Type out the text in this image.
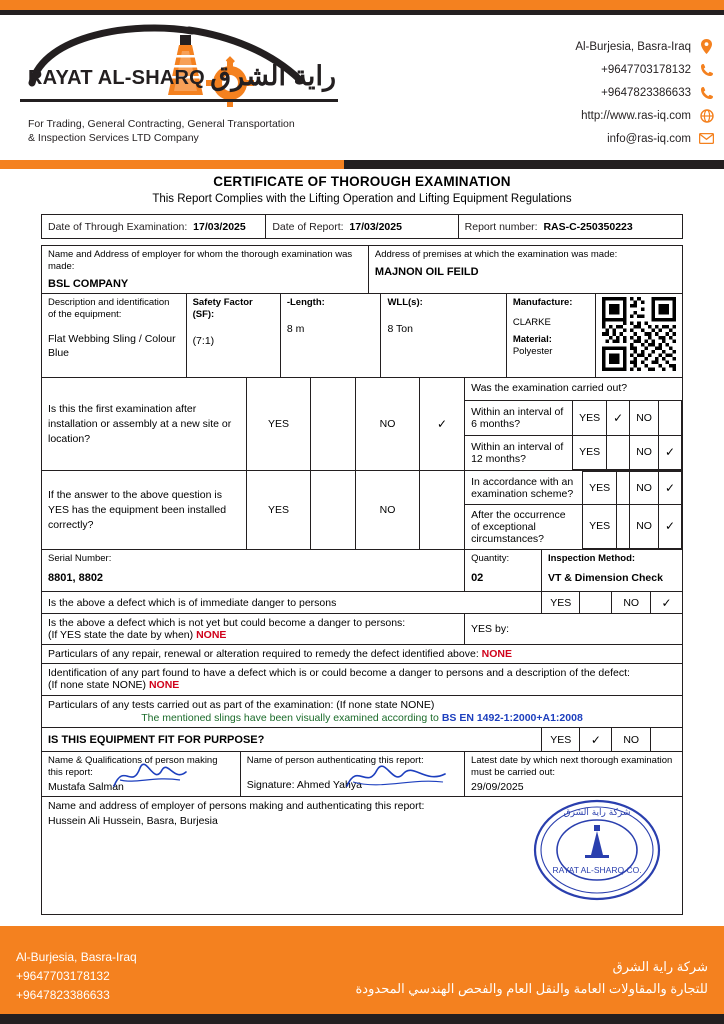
RAYAT AL-SHARQ راية الشرق
For Trading, General Contracting, General Transportation
& Inspection Services LTD Company
Al-Burjesia, Basra-Iraq
+9647703178132
+9647823386633
http://www.ras-iq.com
info@ras-iq.com
CERTIFICATE OF THOROUGH EXAMINATION
This Report Complies with the Lifting Operation and Lifting Equipment Regulations
Date of Through Examination: 17/03/2025	Date of Report: 17/03/2025	Report number: RAS-C-250350223
Name and Address of employer for whom the thorough examination was made:
BSL COMPANY

Address of premises at which the examination was made:
MAJNON OIL FEILD
Description and identification of the equipment:
Flat Webbing Sling / Colour Blue

Safety Factor (SF):
(7:1)

-Length:
8 m

WLL(s):
8 Ton

Manufacture:
CLARKE
Material:
Polyester

Is this the first examination after installation or assembly at a new site or location?
	YES		NO	✓	
Was the examination carried out?
Within an interval of 6 months?	YES	✓	NO	
Within an interval of 12 months?	YES		NO	✓

If the answer to the above question is YES has the equipment been installed correctly?
	YES		NO		
In accordance with an examination scheme?	YES		NO	✓
After the occurrence of exceptional circumstances?	YES		NO	✓
Serial Number:
8801, 8802

Quantity:
02

Inspection Method:
VT & Dimension Check
Is the above a defect which is of immediate danger to persons	YES		NO	✓
Is the above a defect which is not yet but could become a danger to persons:
(If YES state the date by when) NONE	YES by:
Particulars of any repair, renewal or alteration required to remedy the defect identified above: NONE
Identification of any part found to have a defect which is or could become a danger to persons and a description of the defect:
(If none state NONE) NONE
Particulars of any tests carried out as part of the examination: (If none state NONE)
The mentioned slings have been visually examined according to BS EN 1492-1:2000+A1:2008
IS THIS EQUIPMENT FIT FOR PURPOSE?	YES	✓	NO	
Name & Qualifications of person making this report:
Mustafa Salman

Name of person authenticating this report:
Signature: Ahmed Yahya

Latest date by which next thorough examination must be carried out:
29/09/2025
Name and address of employer of persons making and authenticating this report:
Hussein Ali Hussein, Basra, Burjesia
شركة راية الشرق
RAYAT AL-SHARQ CO.
Al-Burjesia, Basra-Iraq
+9647703178132
+9647823386633
شركة راية الشرق
للتجارة والمقاولات العامة والنقل العام والفحص الهندسي المحدودة
